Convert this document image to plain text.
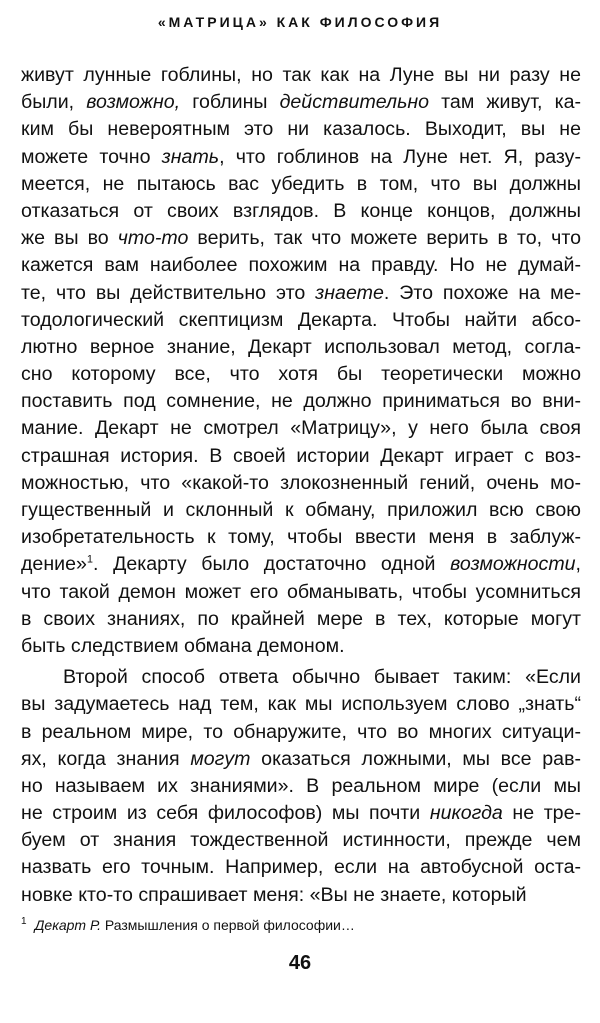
«МАТРИЦА» КАК ФИЛОСОФИЯ
живут лунные гоблины, но так как на Луне вы ни разу не
были, возможно, гоблины действительно там живут, ка-
ким бы невероятным это ни казалось. Выходит, вы не
можете точно знать, что гоблинов на Луне нет. Я, разу-
меется, не пытаюсь вас убедить в том, что вы должны
отказаться от своих взглядов. В конце концов, должны
же вы во что-то верить, так что можете верить в то, что
кажется вам наиболее похожим на правду. Но не думай-
те, что вы действительно это знаете. Это похоже на ме-
тодологический скептицизм Декарта. Чтобы найти абсо-
лютно верное знание, Декарт использовал метод, согла-
сно которому все, что хотя бы теоретически можно
поставить под сомнение, не должно приниматься во вни-
мание. Декарт не смотрел «Матрицу», у него была своя
страшная история. В своей истории Декарт играет с воз-
можностью, что «какой-то злокозненный гений, очень мо-
гущественный и склонный к обману, приложил всю свою
изобретательность к тому, чтобы ввести меня в заблуж-
дение»$^1$. Декарту было достаточно одной возможности,
что такой демон может его обманывать, чтобы усомниться
в своих знаниях, по крайней мере в тех, которые могут
быть следствием обмана демоном.
Второй способ ответа обычно бывает таким: «Если
вы задумаетесь над тем, как мы используем слово „знать“
в реальном мире, то обнаружите, что во многих ситуаци-
ях, когда знания могут оказаться ложными, мы все рав-
но называем их знаниями». В реальном мире (если мы
не строим из себя философов) мы почти никогда не тре-
буем от знания тождественной истинности, прежде чем
назвать его точным. Например, если на автобусной оста-
новке кто-то спрашивает меня: «Вы не знаете, который
$^1$ Декарт Р. Размышления о первой философии…
46
